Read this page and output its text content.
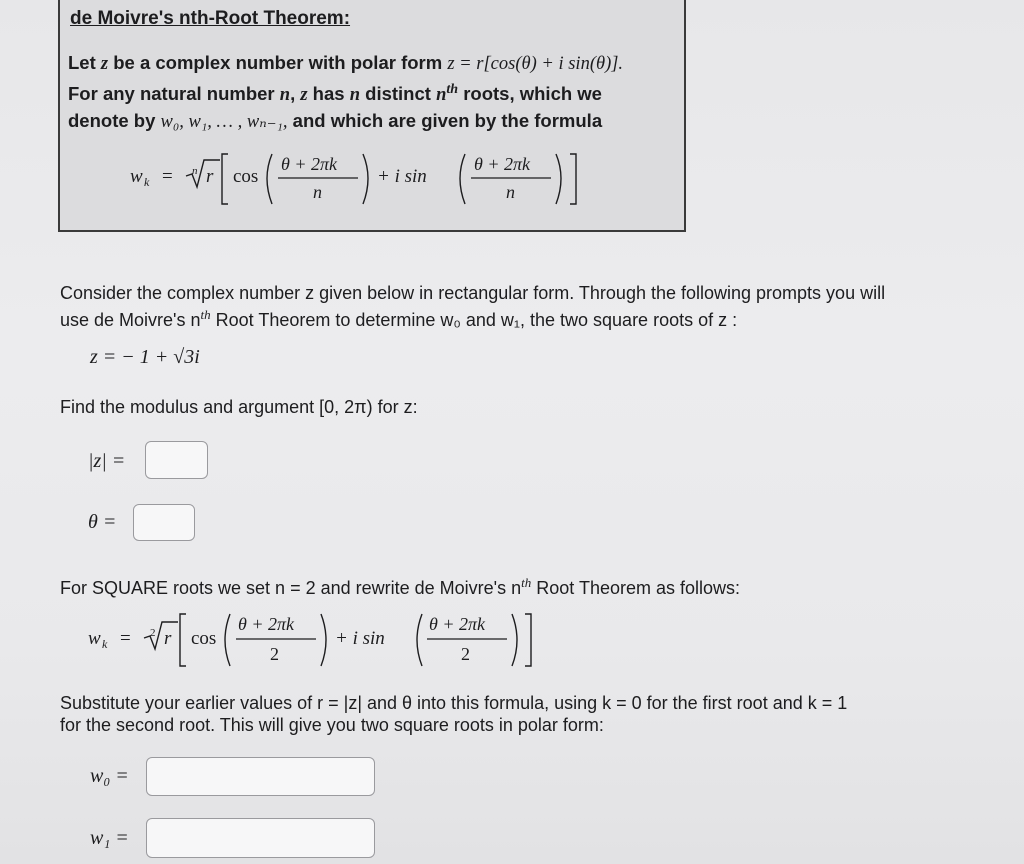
de Moivre's nth-Root Theorem:
Let z be a complex number with polar form z = r[cos(θ) + i sin(θ)].
For any natural number n, z has n distinct $n^{th}$ roots, which we
denote by w₀, w₁, … , wₙ₋₁, and which are given by the formula
w k = n r cos
θ + 2πk
n
+ i sin
θ + 2πk
n
Consider the complex number z given below in rectangular form. Through the following prompts you will
use de Moivre's $n^{th}$ Root Theorem to determine w₀ and w₁, the two square roots of z :
z = − 1 + √3i
Find the modulus and argument [0, 2π) for z:
|z| =
θ =
For SQUARE roots we set n = 2 and rewrite de Moivre's $n^{th}$ Root Theorem as follows:
w k = 2 r cos
θ + 2πk
2
+ i sin
θ + 2πk
2
Substitute your earlier values of r = |z| and θ into this formula, using k = 0 for the first root and k = 1
for the second root. This will give you two square roots in polar form:
w₀ =
w₁ =
